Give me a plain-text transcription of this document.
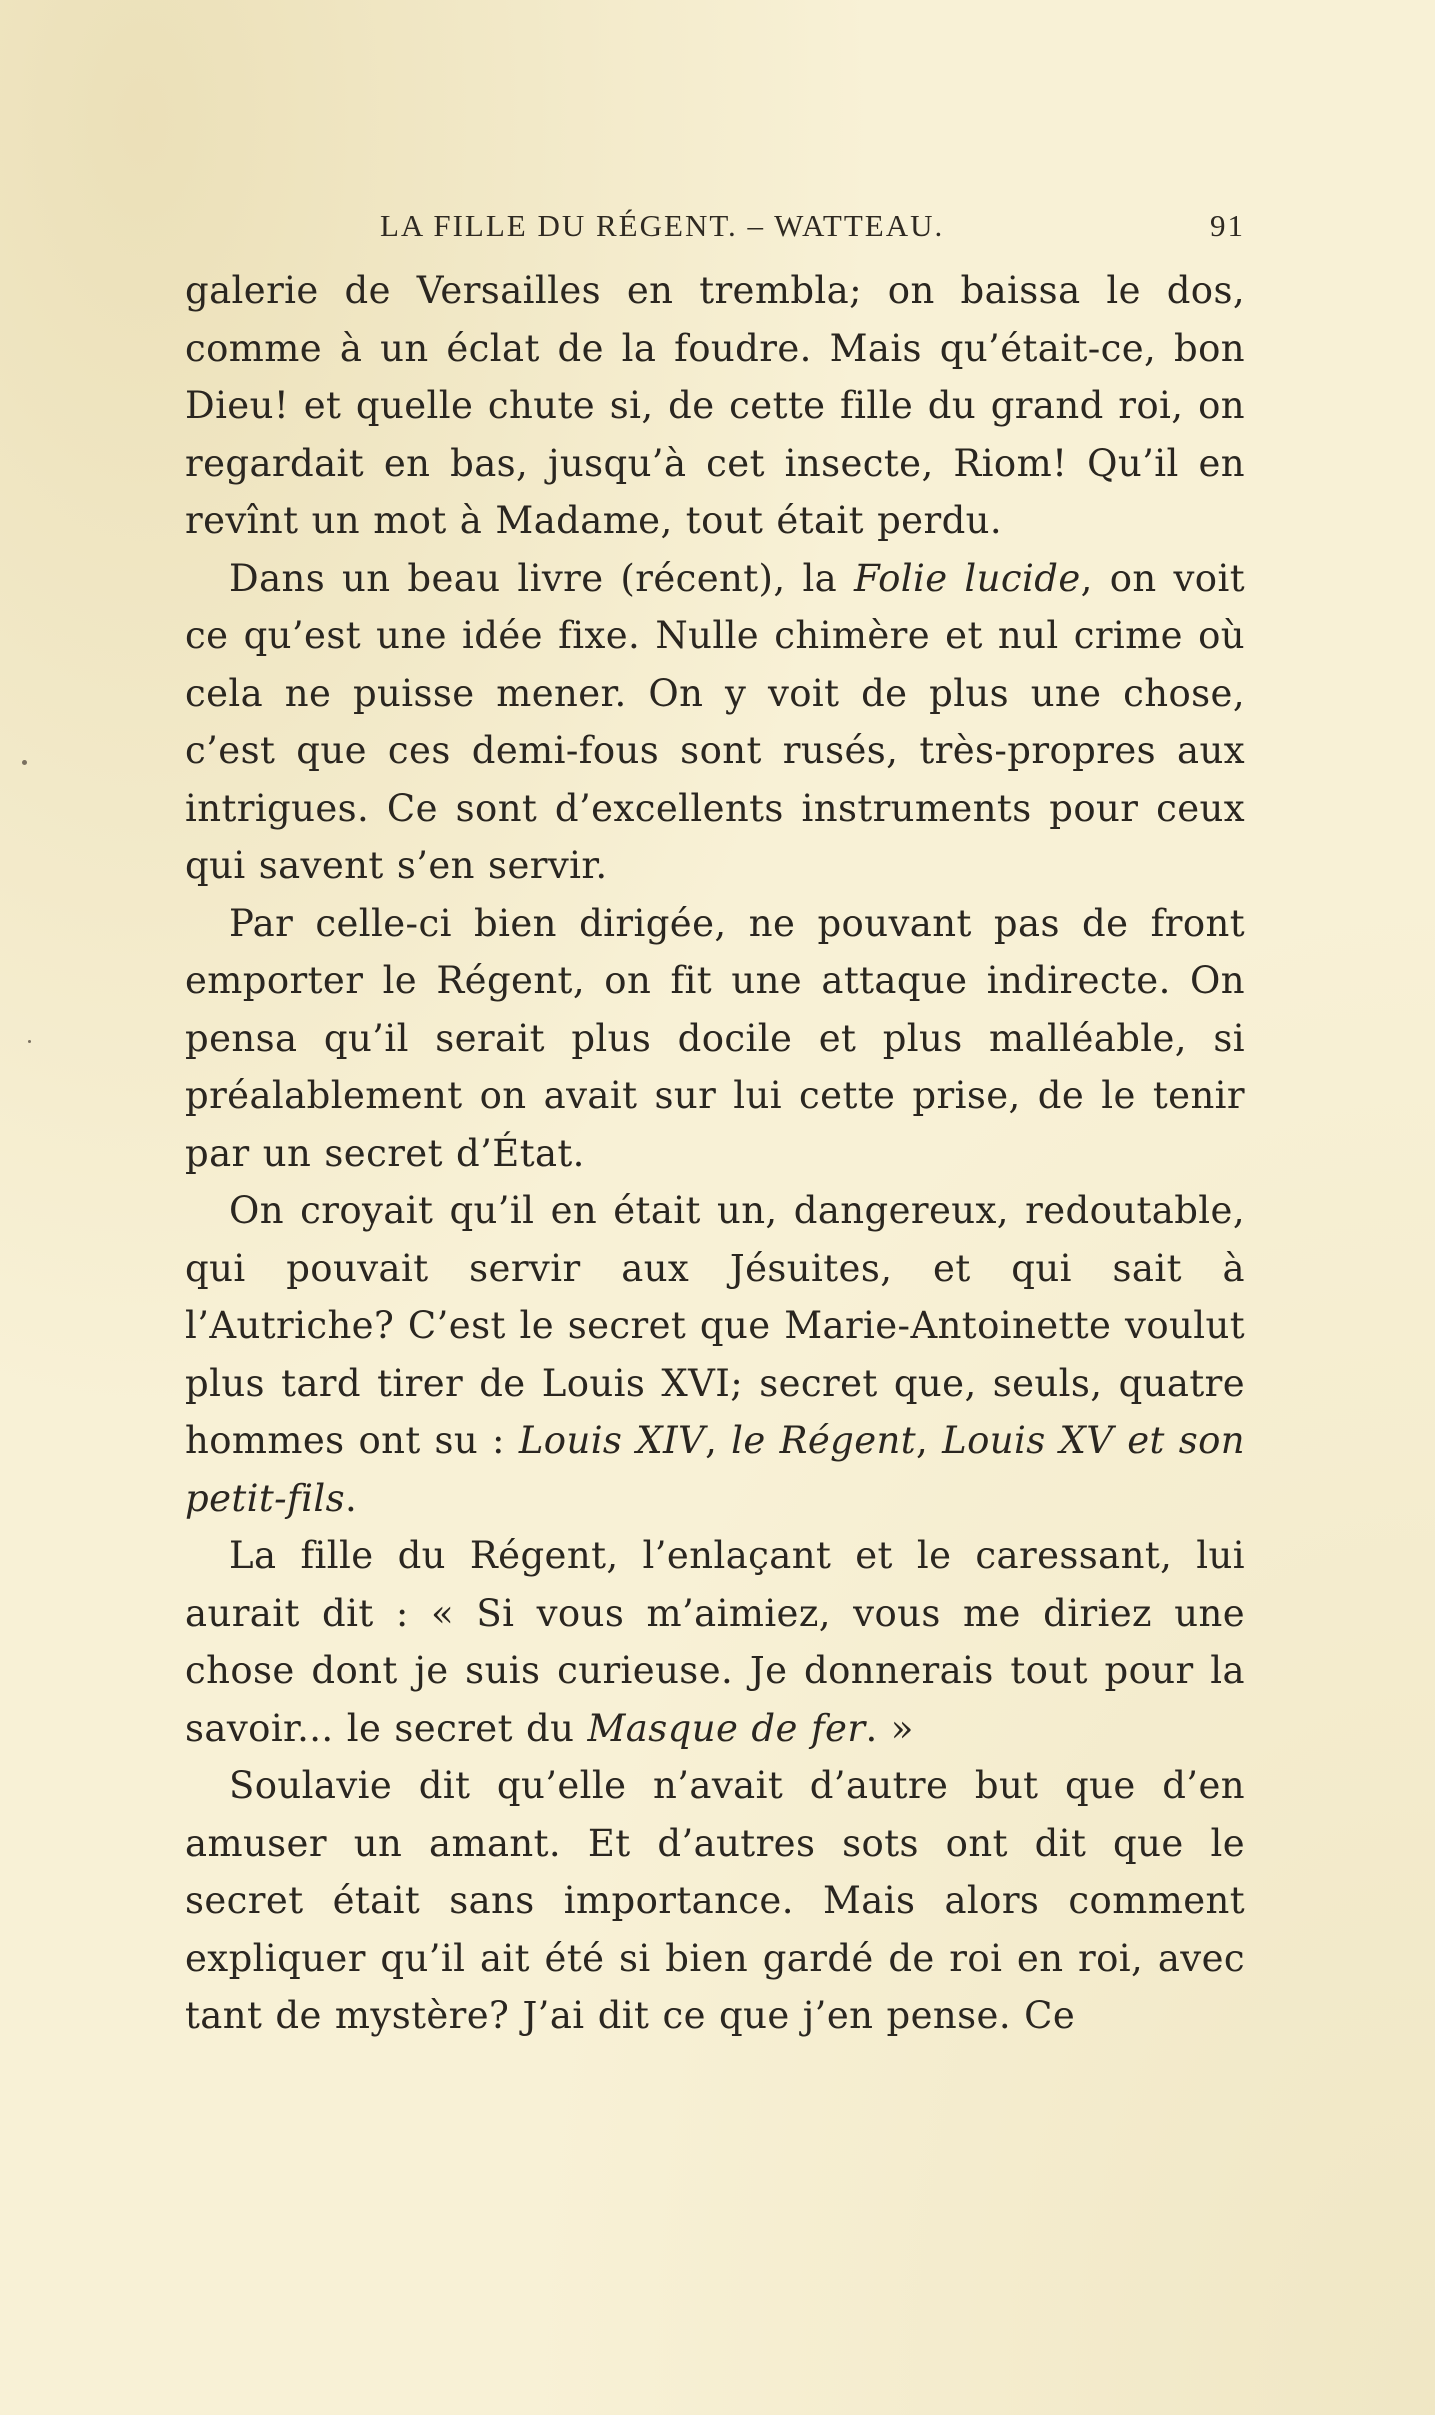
LA FILLE DU RÉGENT. – WATTEAU.	91

galerie de Versailles en trembla; on baissa le dos, comme à un éclat de la foudre. Mais qu’était-ce, bon Dieu! et quelle chute si, de cette fille du grand roi, on regardait en bas, jusqu’à cet insecte, Riom! Qu’il en revînt un mot à Madame, tout était perdu.

Dans un beau livre (récent), la Folie lucide, on voit ce qu’est une idée fixe. Nulle chimère et nul crime où cela ne puisse mener. On y voit de plus une chose, c’est que ces demi-fous sont rusés, très-propres aux intrigues. Ce sont d’excellents instruments pour ceux qui savent s’en servir.

Par celle-ci bien dirigée, ne pouvant pas de front emporter le Régent, on fit une attaque indirecte. On pensa qu’il serait plus docile et plus malléable, si préalablement on avait sur lui cette prise, de le tenir par un secret d’État.

On croyait qu’il en était un, dangereux, redoutable, qui pouvait servir aux Jésuites, et qui sait à l’Autriche? C’est le secret que Marie-Antoinette voulut plus tard tirer de Louis XVI; secret que, seuls, quatre hommes ont su : Louis XIV, le Régent, Louis XV et son petit-fils.

La fille du Régent, l’enlaçant et le caressant, lui aurait dit : « Si vous m’aimiez, vous me diriez une chose dont je suis curieuse. Je donnerais tout pour la savoir... le secret du Masque de fer. »

Soulavie dit qu’elle n’avait d’autre but que d’en amuser un amant. Et d’autres sots ont dit que le secret était sans importance. Mais alors comment expliquer qu’il ait été si bien gardé de roi en roi, avec tant de mystère? J’ai dit ce que j’en pense. Ce
